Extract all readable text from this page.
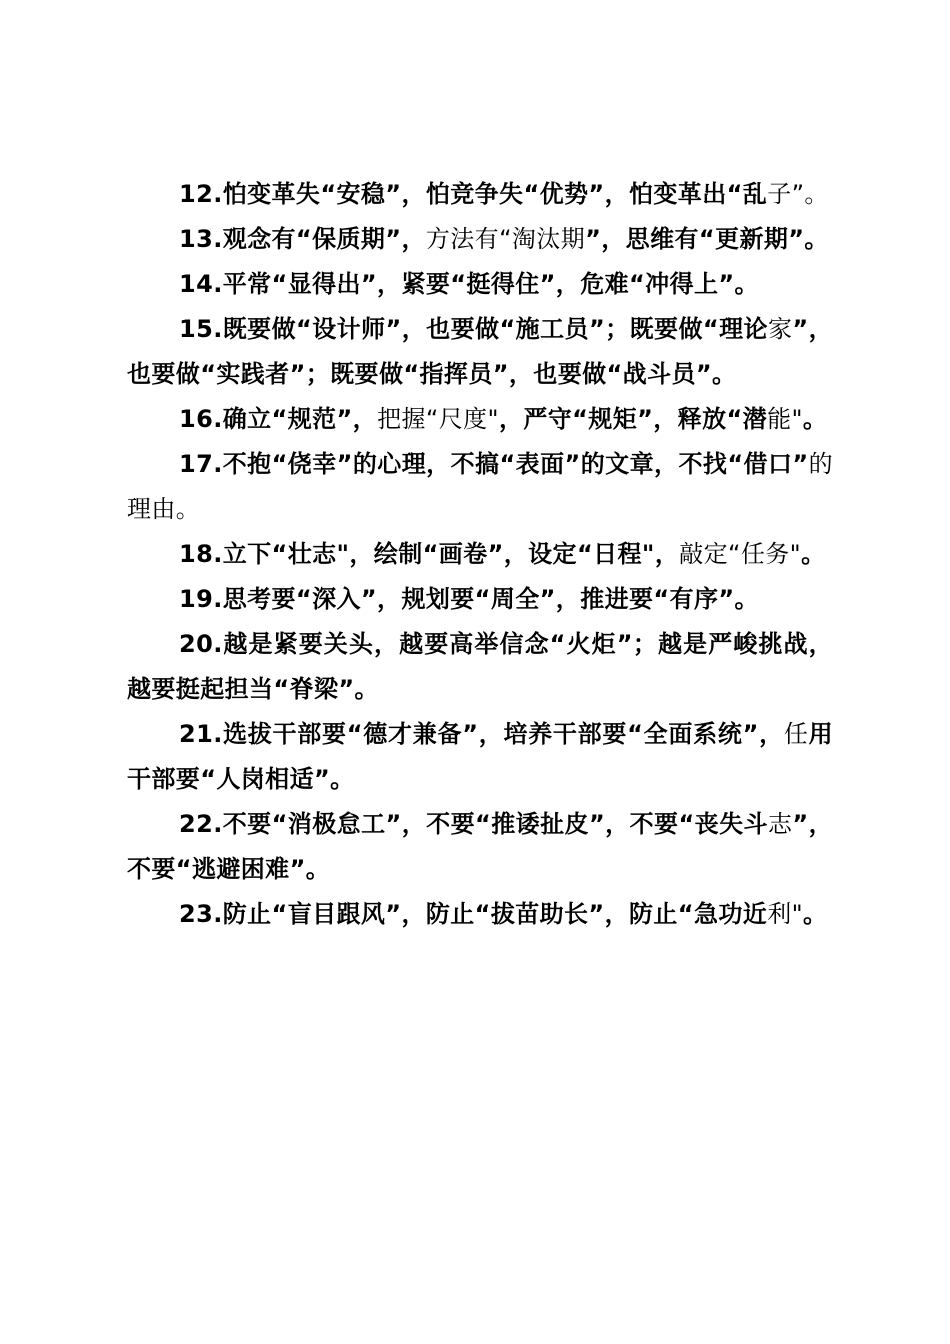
12.怕变革失“安稳”，怕竞争失“优势”，怕变革出“乱子”。

13.观念有“保质期”，方法有“淘汰期”，思维有“更新期”。

14.平常“显得出”，紧要“挺得住”，危难“冲得上”。

15.既要做“设计师”，也要做“施工员”；既要做“理论家”，也要做“实践者”；既要做“指挥员”，也要做“战斗员”。

16.确立“规范”，把握“尺度"，严守“规矩”，释放“潜能"。

17.不抱“侥幸”的心理，不搞“表面”的文章，不找“借口”的理由。

18.立下“壮志"，绘制“画卷”，设定“日程"，敲定“任务"。

19.思考要“深入”，规划要“周全”，推进要“有序”。

20.越是紧要关头，越要高举信念“火炬”；越是严峻挑战，越要挺起担当“脊梁”。

21.选拔干部要“德才兼备”，培养干部要“全面系统”，任用干部要“人岗相适”。

22.不要“消极怠工”，不要“推诿扯皮”，不要“丧失斗志”，不要“逃避困难”。

23.防止“盲目跟风”，防止“拔苗助长”，防止“急功近利"。
